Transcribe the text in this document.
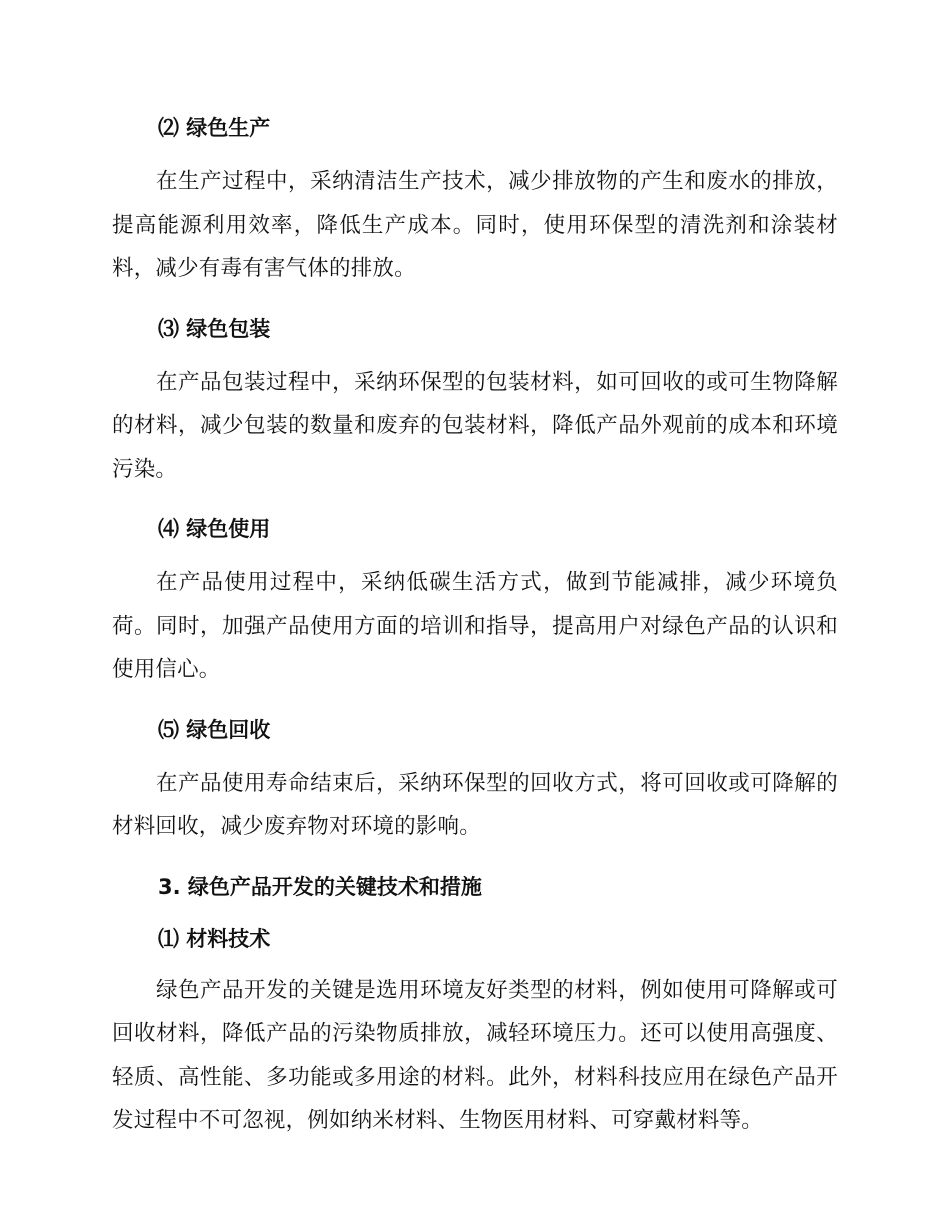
⑵ 绿色生产

在生产过程中，采纳清洁生产技术，减少排放物的产生和废水的排放，提高能源利用效率，降低生产成本。同时，使用环保型的清洗剂和涂装材料，减少有毒有害气体的排放。

⑶ 绿色包装

在产品包装过程中，采纳环保型的包装材料，如可回收的或可生物降解的材料，减少包装的数量和废弃的包装材料，降低产品外观前的成本和环境污染。

⑷ 绿色使用

在产品使用过程中，采纳低碳生活方式，做到节能减排，减少环境负荷。同时，加强产品使用方面的培训和指导，提高用户对绿色产品的认识和使用信心。

⑸ 绿色回收

在产品使用寿命结束后，采纳环保型的回收方式，将可回收或可降解的材料回收，减少废弃物对环境的影响。

3. 绿色产品开发的关键技术和措施
⑴ 材料技术

绿色产品开发的关键是选用环境友好类型的材料，例如使用可降解或可回收材料，降低产品的污染物质排放，减轻环境压力。还可以使用高强度、轻质、高性能、多功能或多用途的材料。此外，材料科技应用在绿色产品开发过程中不可忽视，例如纳米材料、生物医用材料、可穿戴材料等。
